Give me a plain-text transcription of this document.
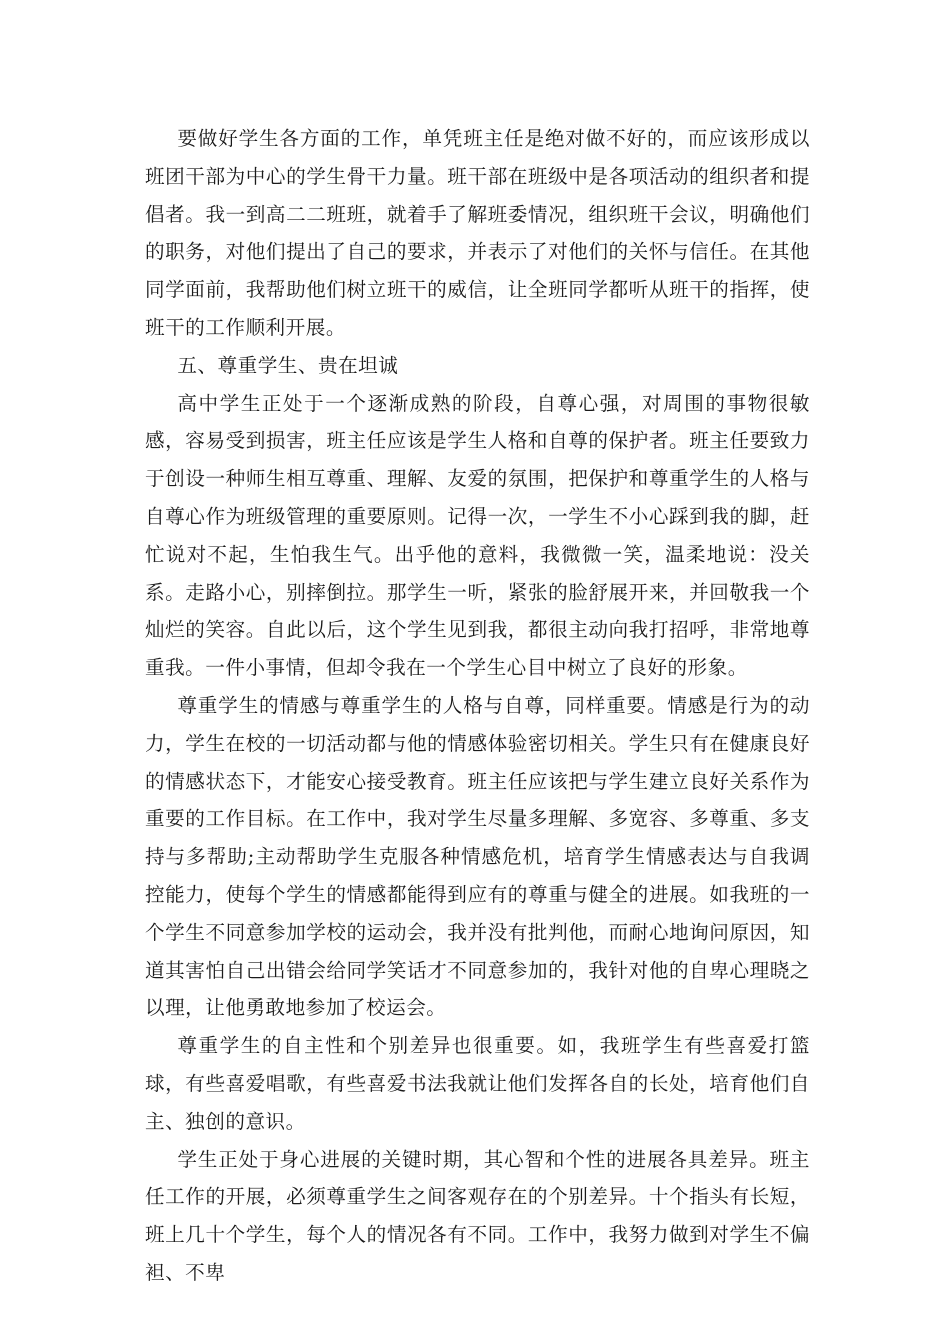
要做好学生各方面的工作，单凭班主任是绝对做不好的，而应该形成以班团干部为中心的学生骨干力量。班干部在班级中是各项活动的组织者和提倡者。我一到高二二班班，就着手了解班委情况，组织班干会议，明确他们的职务，对他们提出了自己的要求，并表示了对他们的关怀与信任。在其他同学面前，我帮助他们树立班干的威信，让全班同学都听从班干的指挥，使班干的工作顺利开展。

五、尊重学生、贵在坦诚

高中学生正处于一个逐渐成熟的阶段，自尊心强，对周围的事物很敏感，容易受到损害，班主任应该是学生人格和自尊的保护者。班主任要致力于创设一种师生相互尊重、理解、友爱的氛围，把保护和尊重学生的人格与自尊心作为班级管理的重要原则。记得一次，一学生不小心踩到我的脚，赶忙说对不起，生怕我生气。出乎他的意料，我微微一笑，温柔地说：没关系。走路小心，别摔倒拉。那学生一听，紧张的脸舒展开来，并回敬我一个灿烂的笑容。自此以后，这个学生见到我，都很主动向我打招呼，非常地尊重我。一件小事情，但却令我在一个学生心目中树立了良好的形象。

尊重学生的情感与尊重学生的人格与自尊，同样重要。情感是行为的动力，学生在校的一切活动都与他的情感体验密切相关。学生只有在健康良好的情感状态下，才能安心接受教育。班主任应该把与学生建立良好关系作为重要的工作目标。在工作中，我对学生尽量多理解、多宽容、多尊重、多支持与多帮助;主动帮助学生克服各种情感危机，培育学生情感表达与自我调控能力，使每个学生的情感都能得到应有的尊重与健全的进展。如我班的一个学生不同意参加学校的运动会，我并没有批判他，而耐心地询问原因，知道其害怕自己出错会给同学笑话才不同意参加的，我针对他的自卑心理晓之以理，让他勇敢地参加了校运会。

尊重学生的自主性和个别差异也很重要。如，我班学生有些喜爱打篮球，有些喜爱唱歌，有些喜爱书法我就让他们发挥各自的长处，培育他们自主、独创的意识。

学生正处于身心进展的关键时期，其心智和个性的进展各具差异。班主任工作的开展，必须尊重学生之间客观存在的个别差异。十个指头有长短，班上几十个学生，每个人的情况各有不同。工作中，我努力做到对学生不偏袒、不卑
